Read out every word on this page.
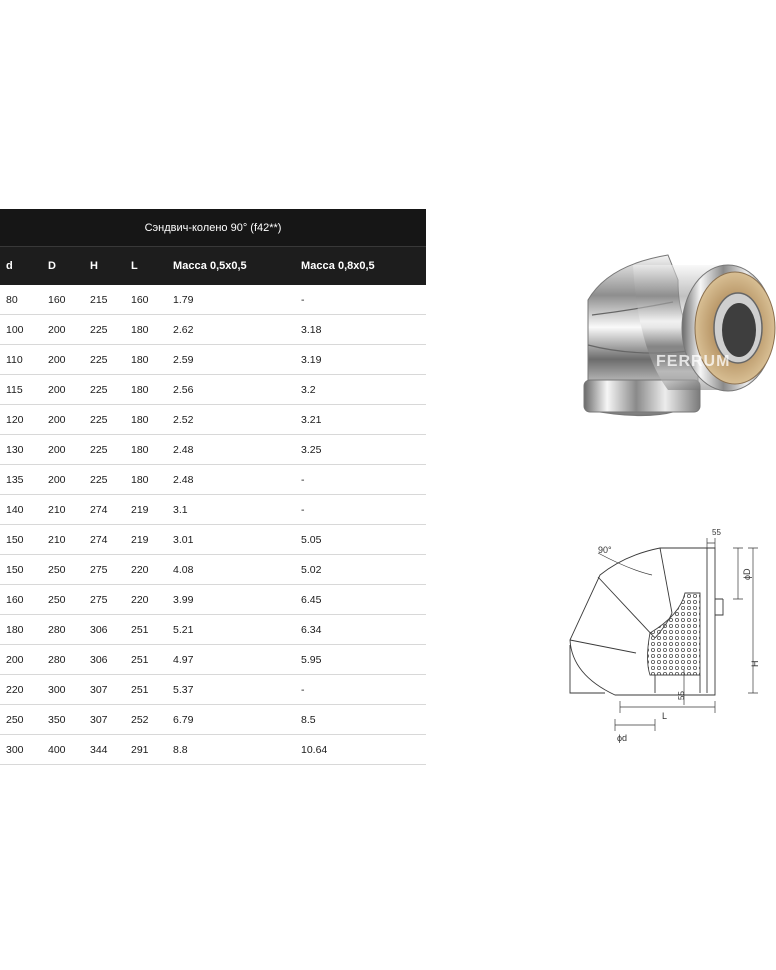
Сэндвич-колено 90° (f42**)					
d	D	H	L	Масса 0,5х0,5	Масса 0,8х0,5
80	160	215	160	1.79	-
100	200	225	180	2.62	3.18
110	200	225	180	2.59	3.19
115	200	225	180	2.56	3.2
120	200	225	180	2.52	3.21
130	200	225	180	2.48	3.25
135	200	225	180	2.48	-
140	210	274	219	3.1	-
150	210	274	219	3.01	5.05
150	250	275	220	4.08	5.02
160	250	275	220	3.99	6.45
180	280	306	251	5.21	6.34
200	280	306	251	4.97	5.95
220	300	307	251	5.37	-
250	350	307	252	6.79	8.5
300	400	344	291	8.8	10.64
FERRUM
55
90°
ϕD
H
55
L
ϕd
